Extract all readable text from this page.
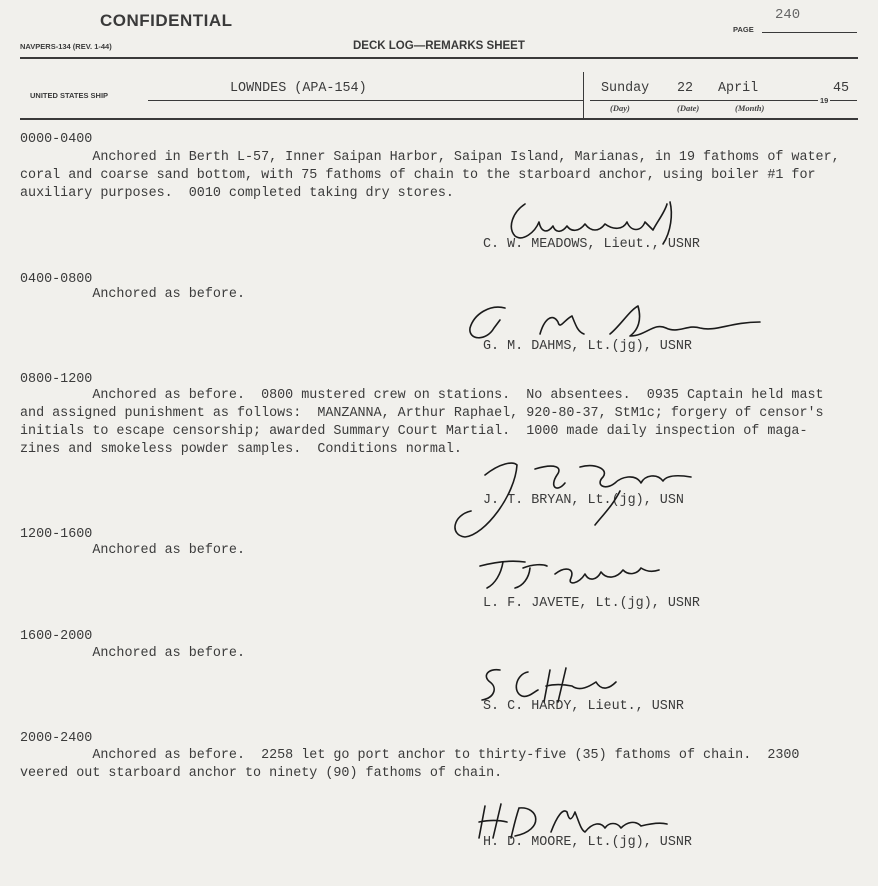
CONFIDENTIAL	PAGE
240
NAVPERS-134 (REV. 1-44)	DECK LOG—REMARKS SHEET
UNITED STATES SHIP	LOWNDES (APA-154)	Sunday 22 April
19
45
(Day)	(Date)	(Month)
0000-0400
Anchored in Berth L-57, Inner Saipan Harbor, Saipan Island, Marianas, in 19 fathoms of water,
coral and coarse sand bottom, with 75 fathoms of chain to the starboard anchor, using boiler #1 for
auxiliary purposes.  0010 completed taking dry stores.
C. W. MEADOWS, Lieut., USNR
0400-0800
Anchored as before.
G. M. DAHMS, Lt.(jg), USNR
0800-1200
Anchored as before.  0800 mustered crew on stations.  No absentees.  0935 Captain held mast
and assigned punishment as follows:  MANZANNA, Arthur Raphael, 920-80-37, StM1c; forgery of censor's
initials to escape censorship; awarded Summary Court Martial.  1000 made daily inspection of maga-
zines and smokeless powder samples.  Conditions normal.
J. T. BRYAN, Lt.(jg), USN
1200-1600
Anchored as before.
L. F. JAVETE, Lt.(jg), USNR
1600-2000
Anchored as before.
S. C. HARDY, Lieut., USNR
2000-2400
Anchored as before.  2258 let go port anchor to thirty-five (35) fathoms of chain.  2300
veered out starboard anchor to ninety (90) fathoms of chain.
H. D. MOORE, Lt.(jg), USNR
